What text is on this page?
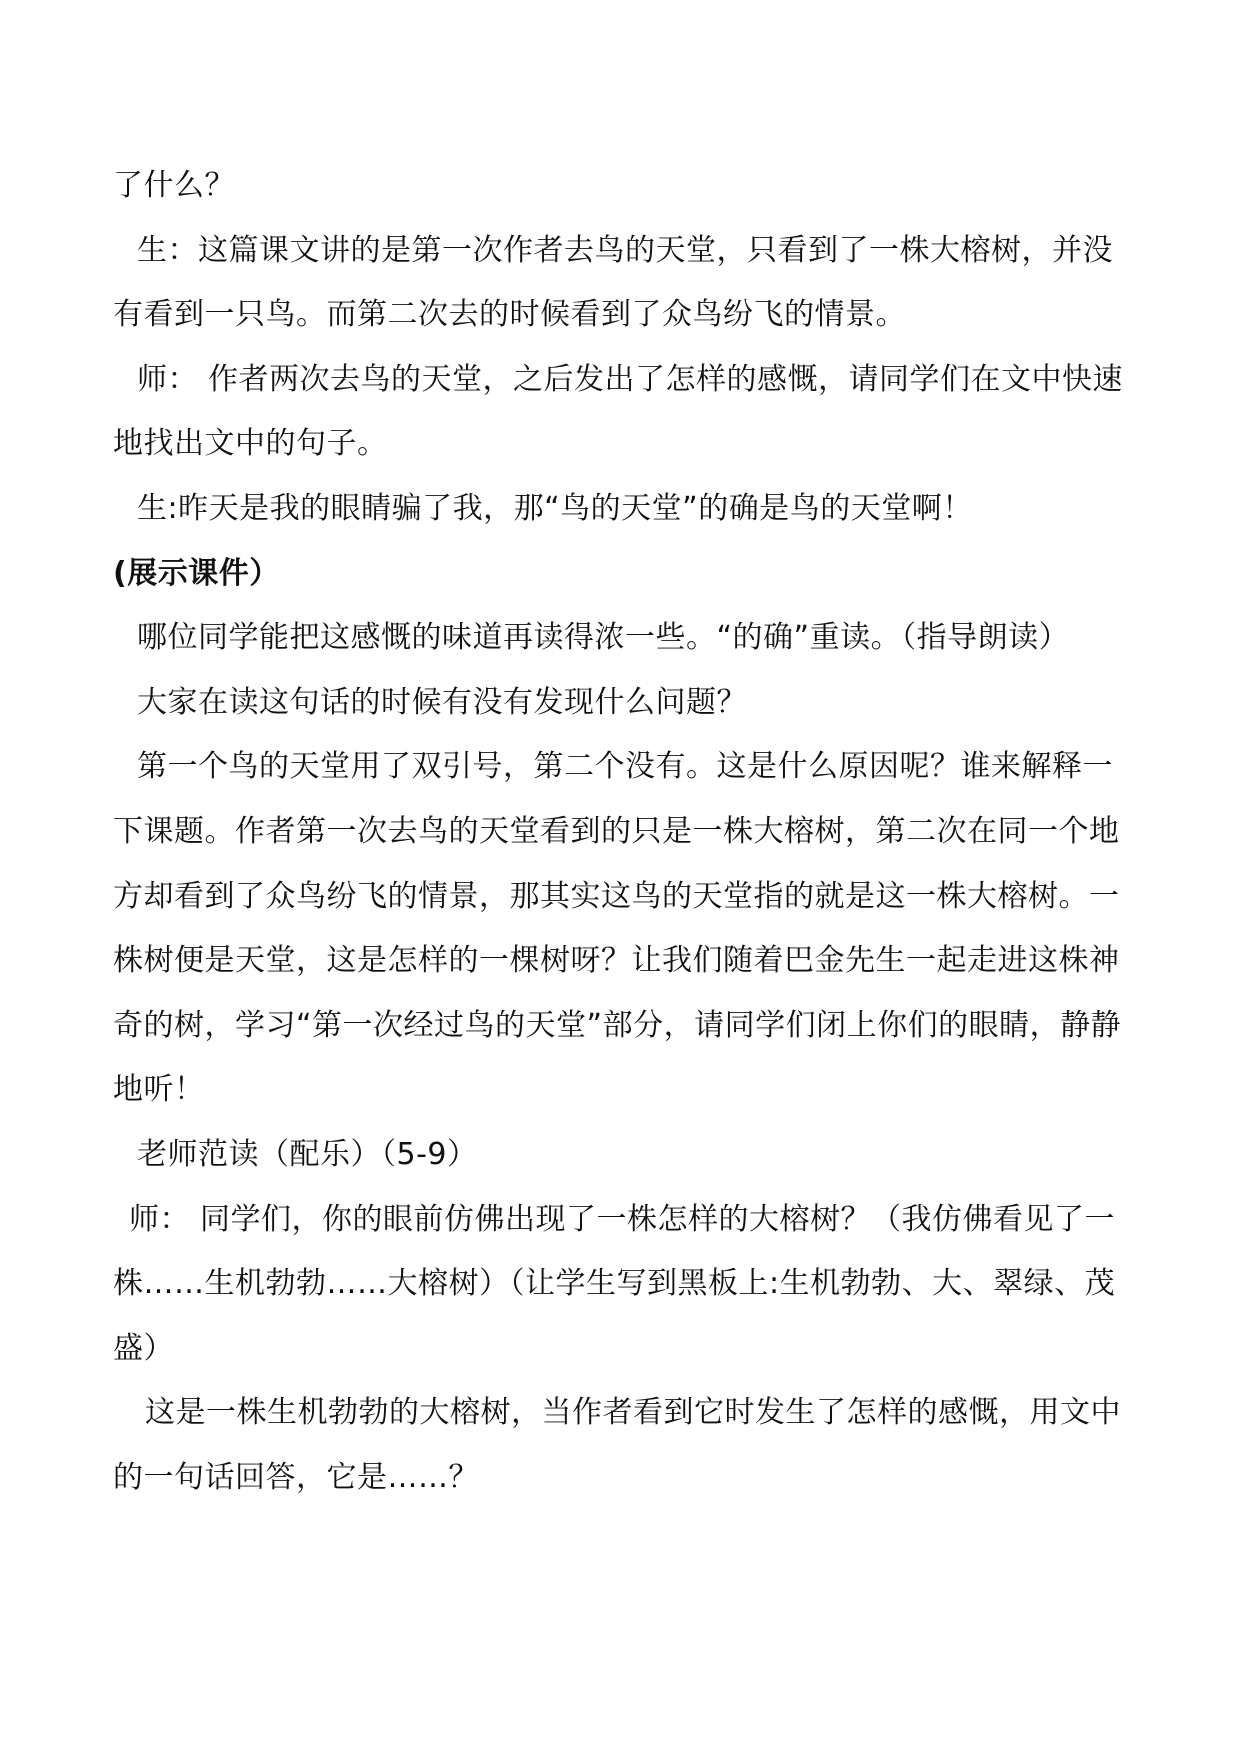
了什么？

生：这篇课文讲的是第一次作者去鸟的天堂，只看到了一株大榕树，并没有看到一只鸟。而第二次去的时候看到了众鸟纷飞的情景。

师： 作者两次去鸟的天堂，之后发出了怎样的感慨，请同学们在文中快速地找出文中的句子。

生:昨天是我的眼睛骗了我，那“鸟的天堂”的确是鸟的天堂啊！(展示课件）

哪位同学能把这感慨的味道再读得浓一些。“的确”重读。（指导朗读）

大家在读这句话的时候有没有发现什么问题？

第一个鸟的天堂用了双引号，第二个没有。这是什么原因呢？谁来解释一下课题。作者第一次去鸟的天堂看到的只是一株大榕树，第二次在同一个地方却看到了众鸟纷飞的情景，那其实这鸟的天堂指的就是这一株大榕树。一株树便是天堂，这是怎样的一棵树呀？让我们随着巴金先生一起走进这株神奇的树，学习“第一次经过鸟的天堂”部分，请同学们闭上你们的眼睛，静静地听！

老师范读（配乐）（5-9）

师： 同学们，你的眼前仿佛出现了一株怎样的大榕树？（我仿佛看见了一株……生机勃勃……大榕树）（让学生写到黑板上:生机勃勃、大、翠绿、茂盛）

这是一株生机勃勃的大榕树，当作者看到它时发生了怎样的感慨，用文中的一句话回答，它是……？
